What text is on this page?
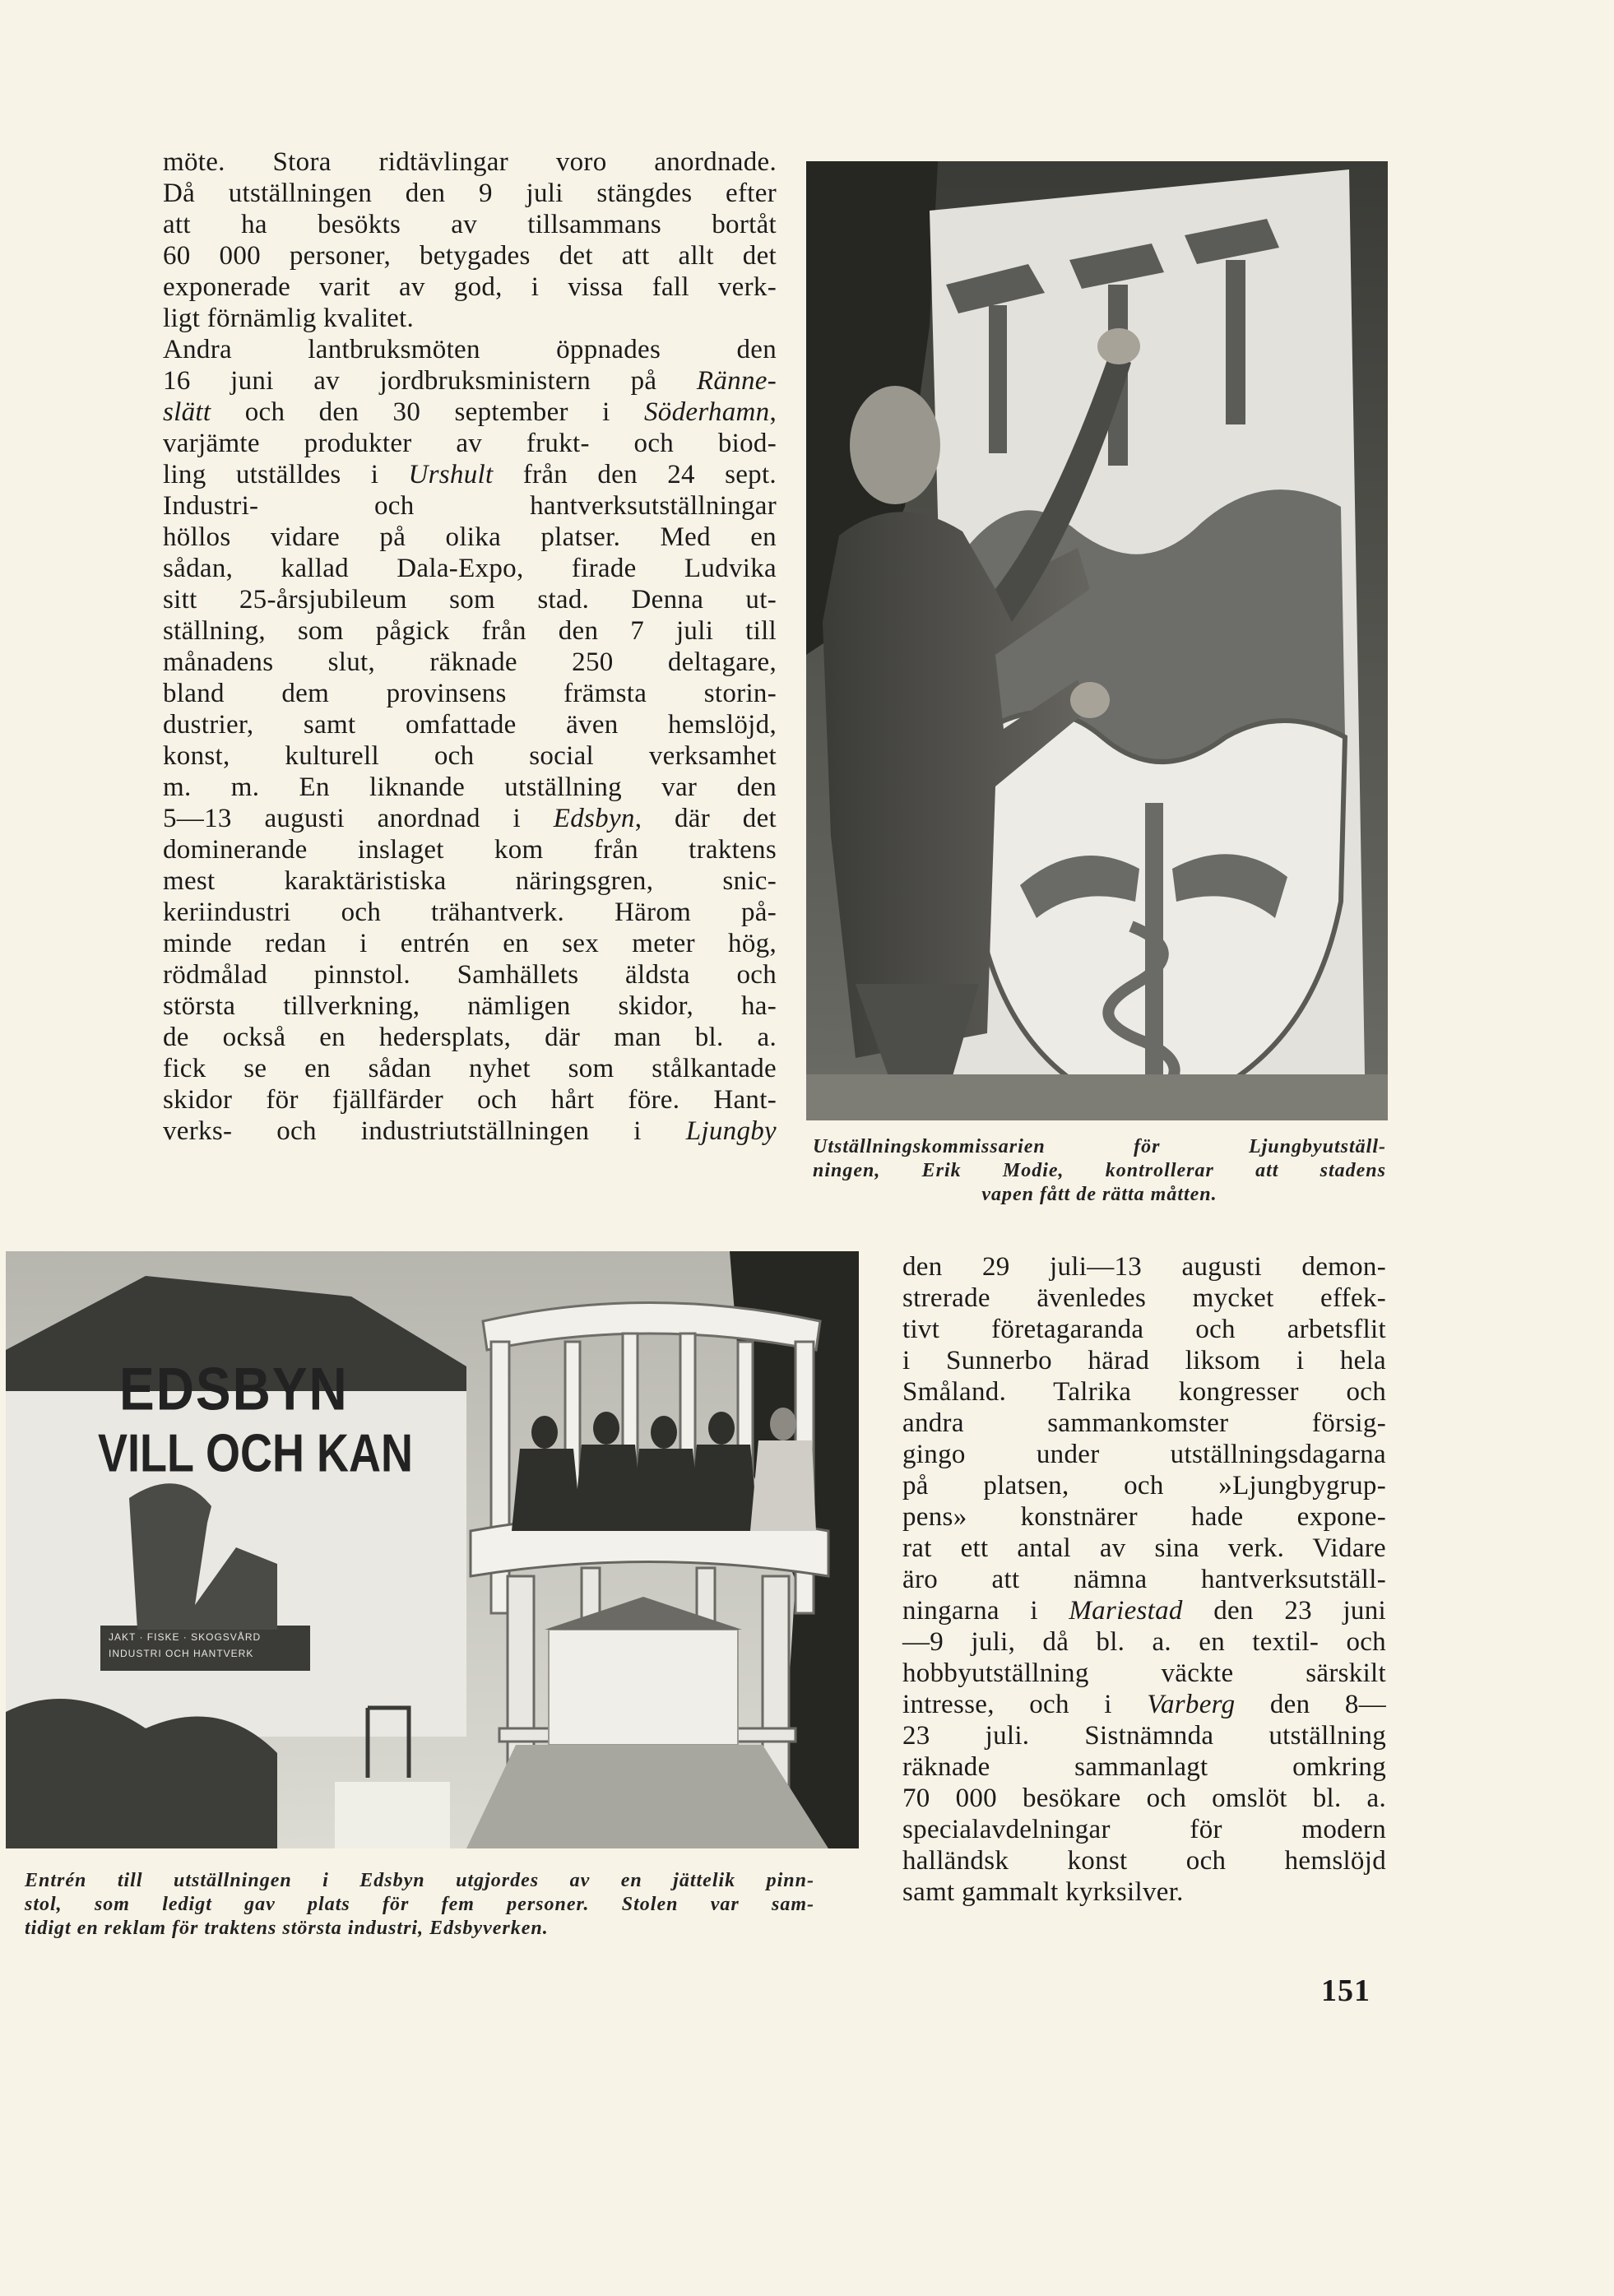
möte. Stora ridtävlingar voro anordnade.
Då utställningen den 9 juli stängdes efter
att ha besökts av tillsammans bortåt
60 000 personer, betygades det att allt det
exponerade varit av god, i vissa fall verk-
ligt förnämlig kvalitet.
Andra lantbruksmöten öppnades den
16 juni av jordbruksministern på Ränne-
slätt och den 30 september i Söderhamn,
varjämte produkter av frukt- och biod-
ling utställdes i Urshult från den 24 sept.
Industri- och hantverksutställningar
höllos vidare på olika platser. Med en
sådan, kallad Dala-Expo, firade Ludvika
sitt 25-årsjubileum som stad. Denna ut-
ställning, som pågick från den 7 juli till
månadens slut, räknade 250 deltagare,
bland dem provinsens främsta storin-
dustrier, samt omfattade även hemslöjd,
konst, kulturell och social verksamhet
m. m. En liknande utställning var den
5—13 augusti anordnad i Edsbyn, där det
dominerande inslaget kom från traktens
mest karaktäristiska näringsgren, snic-
keriindustri och trähantverk. Härom på-
minde redan i entrén en sex meter hög,
rödmålad pinnstol. Samhällets äldsta och
största tillverkning, nämligen skidor, ha-
de också en hedersplats, där man bl. a.
fick se en sådan nyhet som stålkantade
skidor för fjällfärder och hårt före. Hant-
verks- och industriutställningen i Ljungby
Utställningskommissarien för Ljungbyutställ-
ningen, Erik Modie, kontrollerar att stadens
vapen fått de rätta måtten.
EDSBYN
VILL OCH KAN
JAKT · FISKE · SKOGSVÅRD
INDUSTRI OCH HANTVERK
Entrén till utställningen i Edsbyn utgjordes av en jättelik pinn-
stol, som ledigt gav plats för fem personer. Stolen var sam-
tidigt en reklam för traktens största industri, Edsbyverken.
den 29 juli—13 augusti demon-
strerade ävenledes mycket effek-
tivt företagaranda och arbetsflit
i Sunnerbo härad liksom i hela
Småland. Talrika kongresser och
andra sammankomster försig-
gingo under utställningsdagarna
på platsen, och »Ljungbygrup-
pens» konstnärer hade expone-
rat ett antal av sina verk. Vidare
äro att nämna hantverksutställ-
ningarna i Mariestad den 23 juni
—9 juli, då bl. a. en textil- och
hobbyutställning väckte särskilt
intresse, och i Varberg den 8—
23 juli. Sistnämnda utställning
räknade sammanlagt omkring
70 000 besökare och omslöt bl. a.
specialavdelningar för modern
halländsk konst och hemslöjd
samt gammalt kyrksilver.
151
